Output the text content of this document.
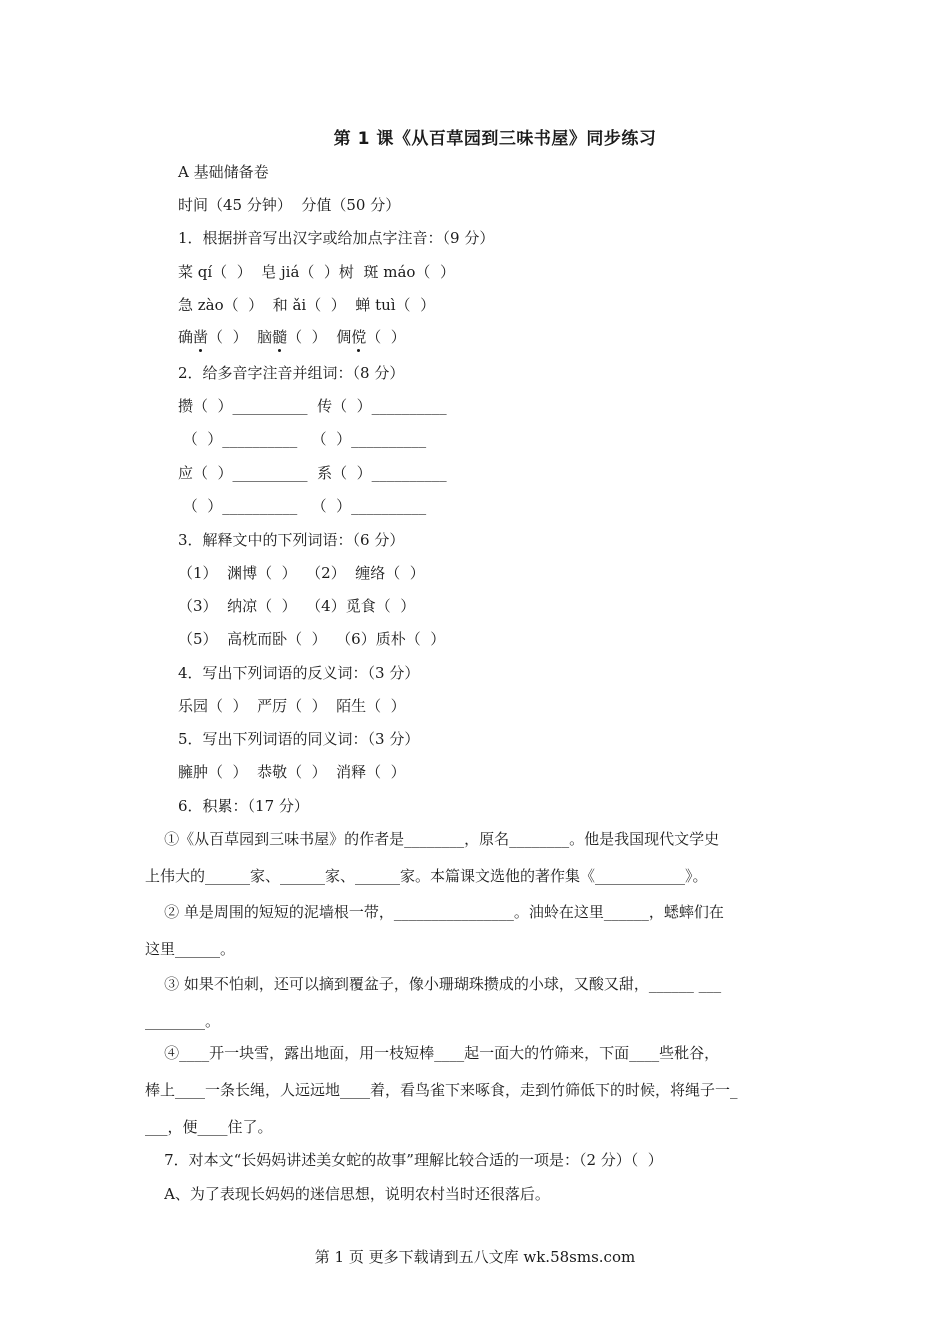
第 1 课《从百草园到三味书屋》同步练习
A 基础储备卷
时间（45 分钟）  分值（50 分）
1．根据拼音写出汉字或给加点字注音：（9 分）
菜 qí（  ）  皂 jiá（  ）树  斑 máo（  ）
急 zào（  ）  和 ǎi（  ）  蝉 tuì（  ）
确凿（  ）  脑髓（  ）  倜傥（  ）
2．给多音字注音并组词：（8 分）
攒（  ）__________  传（  ）__________
（  ）__________   （  ）__________
应（  ）__________  系（  ）__________
（  ）__________   （  ）__________
3．解释文中的下列词语：（6 分）
（1）  渊博（  ）  （2）  缠络（  ）
（3）  纳凉（  ）  （4）觅食（  ）
（5）  高枕而卧（  ）  （6）质朴（  ）
4．写出下列词语的反义词：（3 分）
乐园（  ）  严厉（  ）  陌生（  ）
5．写出下列词语的同义词：（3 分）
臃肿（  ）  恭敬（  ）  消释（  ）
6．积累：（17 分）
①《从百草园到三味书屋》的作者是________，原名________。他是我国现代文学史
上伟大的______家、______家、______家。本篇课文选他的著作集《____________》。
② 单是周围的短短的泥墙根一带，________________。油蛉在这里______，蟋蟀们在
这里______。
③ 如果不怕刺，还可以摘到覆盆子，像小珊瑚珠攒成的小球，又酸又甜，______ ___
________。
④____开一块雪，露出地面，用一枝短棒____起一面大的竹筛来，下面____些秕谷，
棒上____一条长绳，人远远地____着，看鸟雀下来啄食，走到竹筛低下的时候，将绳子一_
___，便____住了。
7．对本文“长妈妈讲述美女蛇的故事”理解比较合适的一项是：（2 分）（  ）
A、为了表现长妈妈的迷信思想，说明农村当时还很落后。
第 1 页 更多下载请到五八文库 wk.58sms.com
